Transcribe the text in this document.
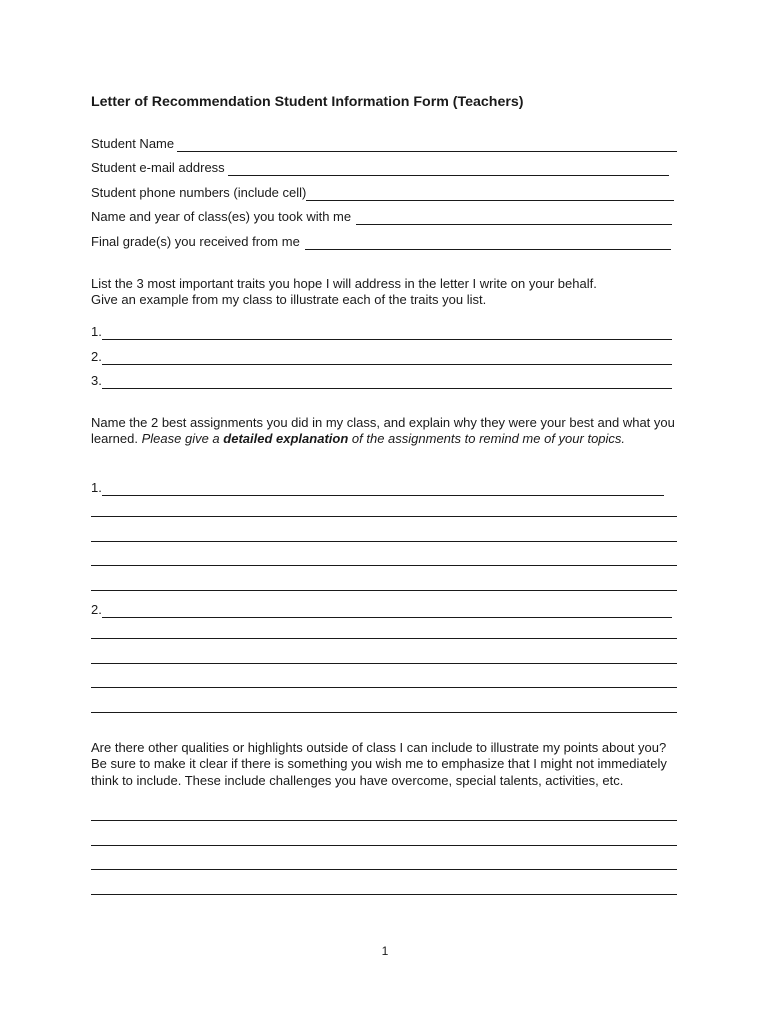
Letter of Recommendation Student Information Form (Teachers)
Student Name
Student e-mail address
Student phone numbers (include cell)
Name and year of class(es) you took with me
Final grade(s) you received from me
List the 3 most important traits you hope I will address in the letter I write on your behalf.
Give an example from my class to illustrate each of the traits you list.
1.
2.
3.
Name the 2 best assignments you did in my class, and explain why they were your best and what you learned. Please give a detailed explanation of the assignments to remind me of your topics.
1.
2.
Are there other qualities or highlights outside of class I can include to illustrate my points about you? Be sure to make it clear if there is something you wish me to emphasize that I might not immediately think to include. These include challenges you have overcome, special talents, activities, etc.
1
